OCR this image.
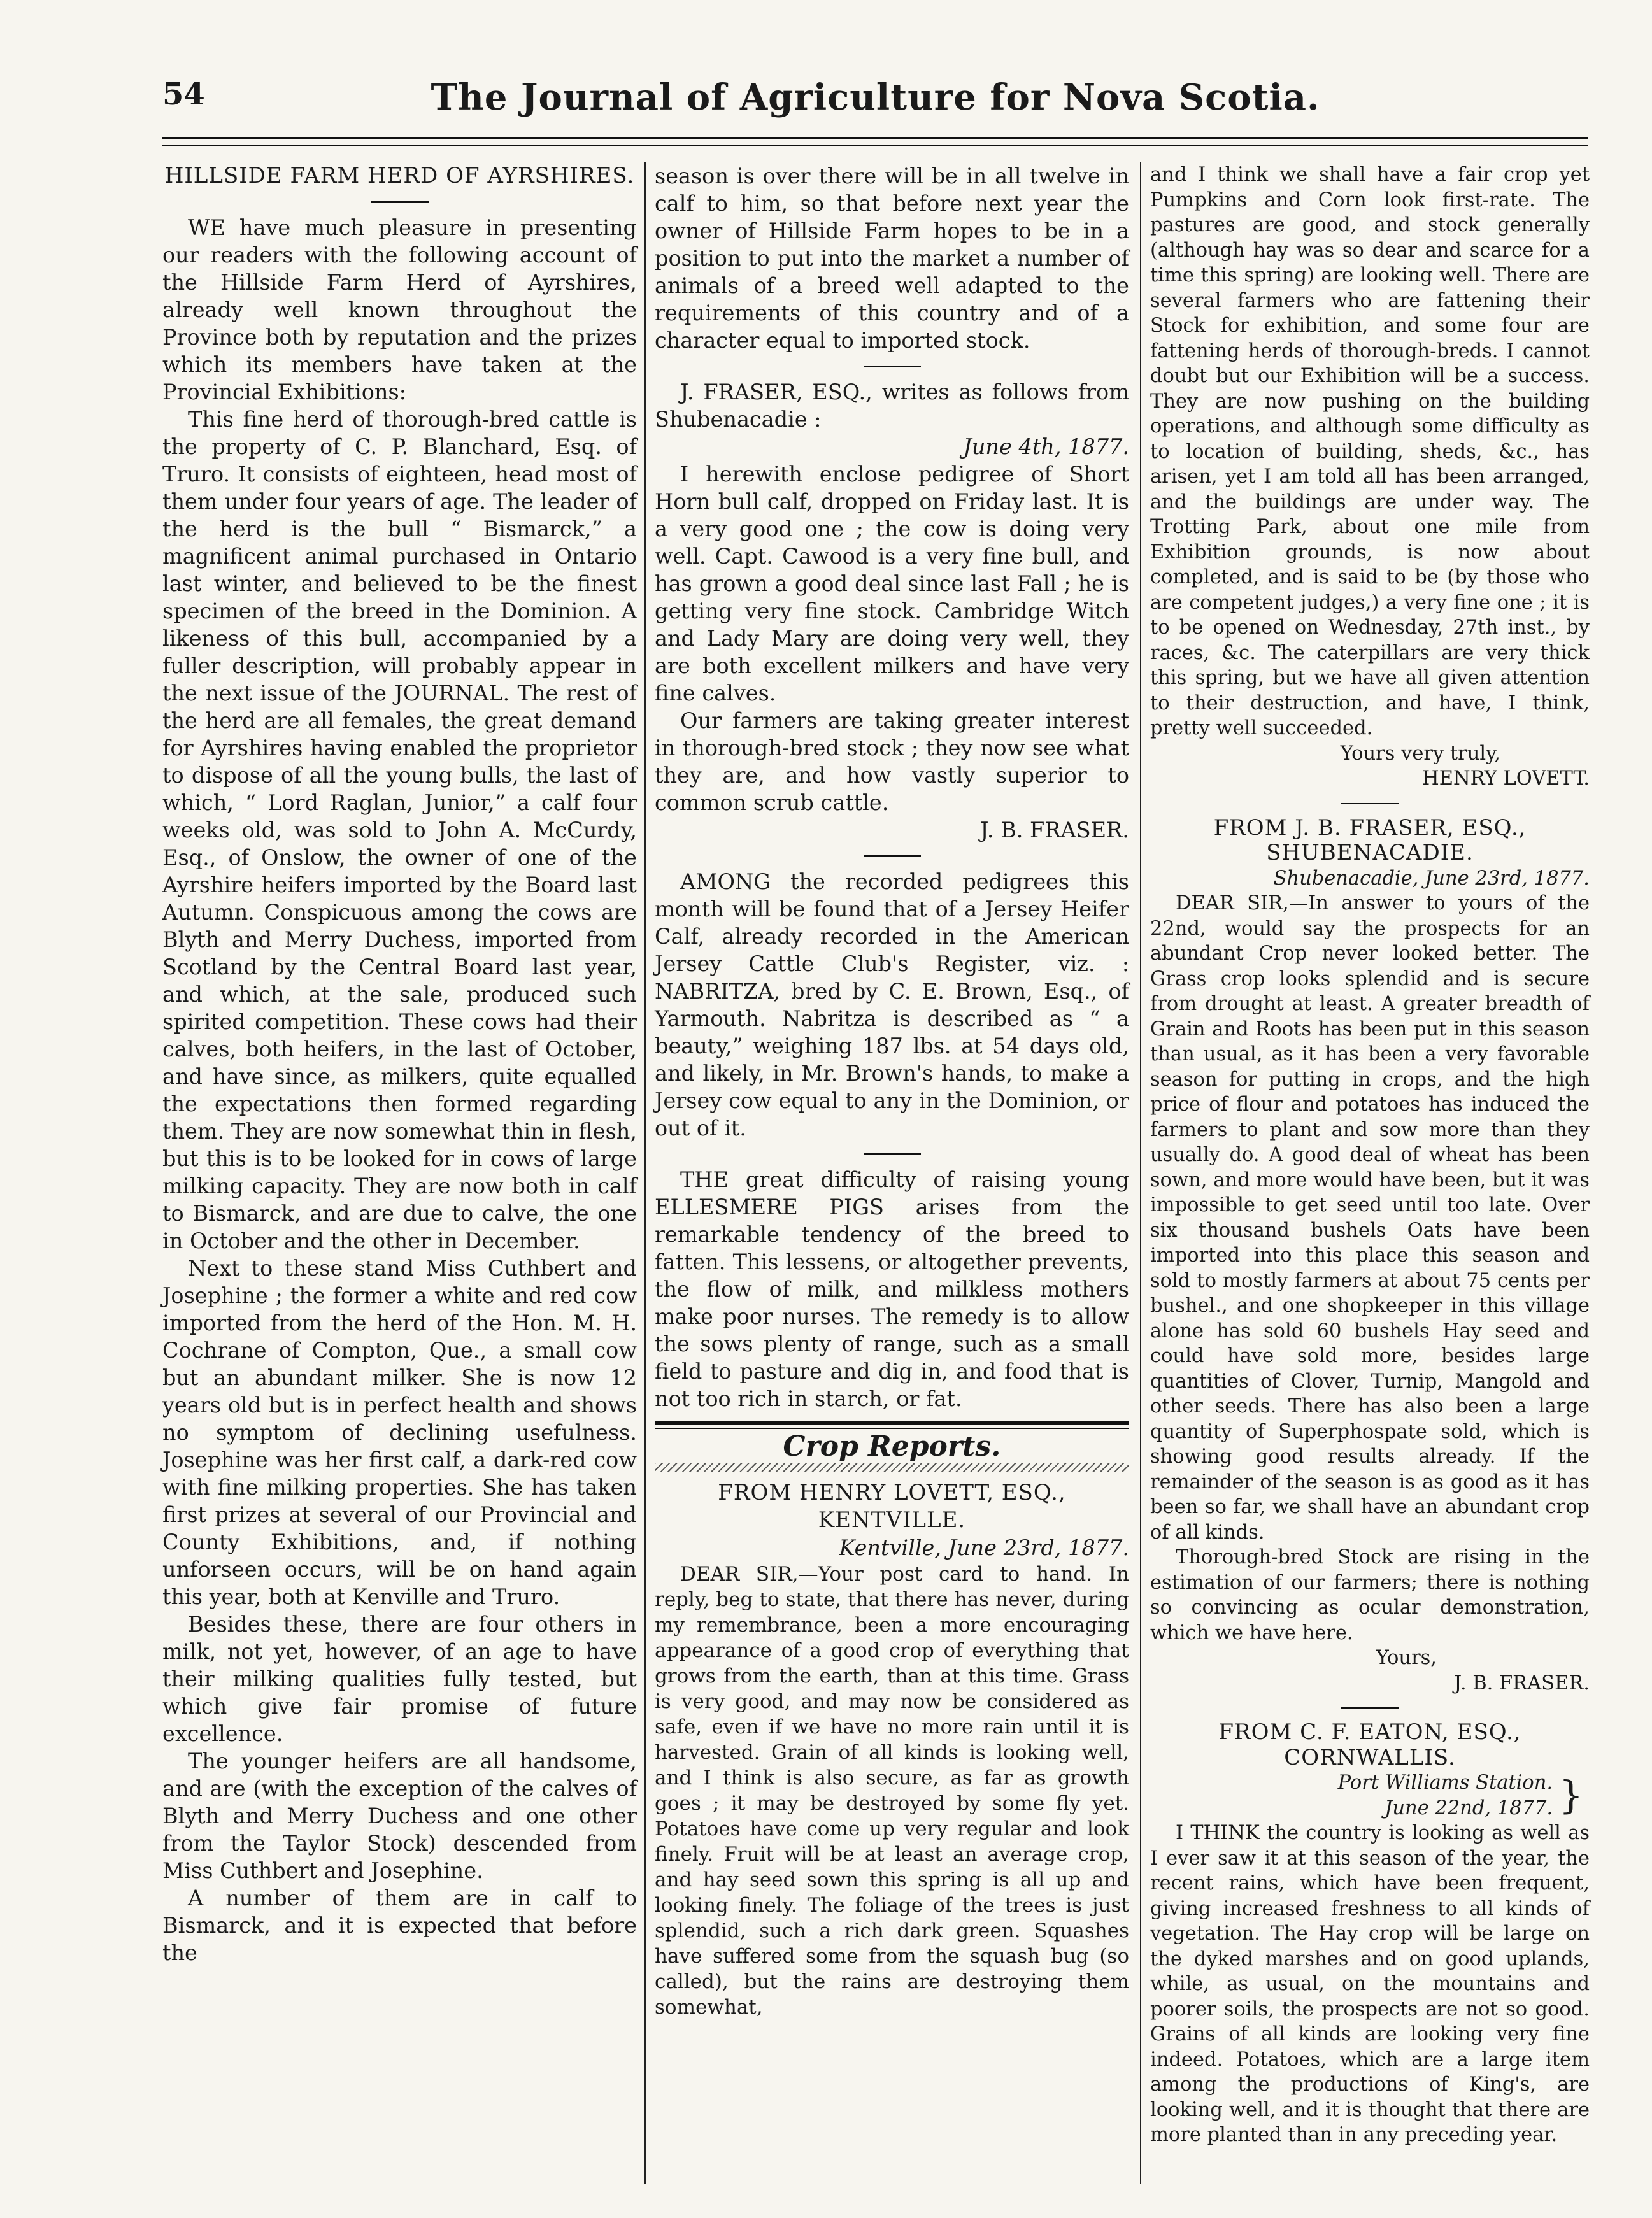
54	The Journal of Agriculture for Nova Scotia.

HILLSIDE FARM HERD OF AYRSHIRES.

WE have much pleasure in presenting our readers with the following account of the Hillside Farm Herd of Ayrshires, already well known throughout the Province both by reputation and the prizes which its members have taken at the Provincial Exhibitions:

This fine herd of thorough-bred cattle is the property of C. P. Blanchard, Esq. of Truro. It consists of eighteen, head most of them under four years of age. The leader of the herd is the bull “ Bismarck,” a magnificent animal purchased in Ontario last winter, and believed to be the finest specimen of the breed in the Dominion. A likeness of this bull, accompanied by a fuller description, will probably appear in the next issue of the JOURNAL. The rest of the herd are all females, the great demand for Ayrshires having enabled the proprietor to dispose of all the young bulls, the last of which, “ Lord Raglan, Junior,” a calf four weeks old, was sold to John A. McCurdy, Esq., of Onslow, the owner of one of the Ayrshire heifers imported by the Board last Autumn. Conspicuous among the cows are Blyth and Merry Duchess, imported from Scotland by the Central Board last year, and which, at the sale, produced such spirited competition. These cows had their calves, both heifers, in the last of October, and have since, as milkers, quite equalled the expectations then formed regarding them. They are now somewhat thin in flesh, but this is to be looked for in cows of large milking capacity. They are now both in calf to Bismarck, and are due to calve, the one in October and the other in December.

Next to these stand Miss Cuthbert and Josephine ; the former a white and red cow imported from the herd of the Hon. M. H. Cochrane of Compton, Que., a small cow but an abundant milker. She is now 12 years old but is in perfect health and shows no symptom of declining usefulness. Josephine was her first calf, a dark-red cow with fine milking properties. She has taken first prizes at several of our Provincial and County Exhibitions, and, if nothing unforseen occurs, will be on hand again this year, both at Kenville and Truro.

Besides these, there are four others in milk, not yet, however, of an age to have their milking qualities fully tested, but which give fair promise of future excellence.

The younger heifers are all handsome, and are (with the exception of the calves of Blyth and Merry Duchess and one other from the Taylor Stock) descended from Miss Cuthbert and Josephine.

A number of them are in calf to Bismarck, and it is expected that before the

season is over there will be in all twelve in calf to him, so that before next year the owner of Hillside Farm hopes to be in a position to put into the market a number of animals of a breed well adapted to the requirements of this country and of a character equal to imported stock.

J. FRASER, ESQ., writes as follows from Shubenacadie :

June 4th, 1877.

I herewith enclose pedigree of Short Horn bull calf, dropped on Friday last. It is a very good one ; the cow is doing very well. Capt. Cawood is a very fine bull, and has grown a good deal since last Fall ; he is getting very fine stock. Cambridge Witch and Lady Mary are doing very well, they are both excellent milkers and have very fine calves.

Our farmers are taking greater interest in thorough-bred stock ; they now see what they are, and how vastly superior to common scrub cattle.

J. B. FRASER.

AMONG the recorded pedigrees this month will be found that of a Jersey Heifer Calf, already recorded in the American Jersey Cattle Club's Register, viz. : NABRITZA, bred by C. E. Brown, Esq., of Yarmouth. Nabritza is described as “ a beauty,” weighing 187 lbs. at 54 days old, and likely, in Mr. Brown's hands, to make a Jersey cow equal to any in the Dominion, or out of it.

THE great difficulty of raising young ELLESMERE PIGS arises from the remarkable tendency of the breed to fatten. This lessens, or altogether prevents, the flow of milk, and milkless mothers make poor nurses. The remedy is to allow the sows plenty of range, such as a small field to pasture and dig in, and food that is not too rich in starch, or fat.

Crop Reports.

FROM HENRY LOVETT, ESQ.,

KENTVILLE.

Kentville, June 23rd, 1877.

DEAR SIR,—Your post card to hand. In reply, beg to state, that there has never, during my remembrance, been a more encouraging appearance of a good crop of everything that grows from the earth, than at this time. Grass is very good, and may now be considered as safe, even if we have no more rain until it is harvested. Grain of all kinds is looking well, and I think is also secure, as far as growth goes ; it may be destroyed by some fly yet. Potatoes have come up very regular and look finely. Fruit will be at least an average crop, and hay seed sown this spring is all up and looking finely. The foliage of the trees is just splendid, such a rich dark green. Squashes have suffered some from the squash bug (so called), but the rains are destroying them somewhat,

and I think we shall have a fair crop yet Pumpkins and Corn look first-rate. The pastures are good, and stock generally (although hay was so dear and scarce for a time this spring) are looking well. There are several farmers who are fattening their Stock for exhibition, and some four are fattening herds of thorough-breds. I cannot doubt but our Exhibition will be a success. They are now pushing on the building operations, and although some difficulty as to location of building, sheds, &c., has arisen, yet I am told all has been arranged, and the buildings are under way. The Trotting Park, about one mile from Exhibition grounds, is now about completed, and is said to be (by those who are competent judges,) a very fine one ; it is to be opened on Wednesday, 27th inst., by races, &c. The caterpillars are very thick this spring, but we have all given attention to their destruction, and have, I think, pretty well succeeded.

Yours very truly,

HENRY LOVETT.

FROM J. B. FRASER, ESQ.,

SHUBENACADIE.

Shubenacadie, June 23rd, 1877.

DEAR SIR,—In answer to yours of the 22nd, would say the prospects for an abundant Crop never looked better. The Grass crop looks splendid and is secure from drought at least. A greater breadth of Grain and Roots has been put in this season than usual, as it has been a very favorable season for putting in crops, and the high price of flour and potatoes has induced the farmers to plant and sow more than they usually do. A good deal of wheat has been sown, and more would have been, but it was impossible to get seed until too late. Over six thousand bushels Oats have been imported into this place this season and sold to mostly farmers at about 75 cents per bushel., and one shopkeeper in this village alone has sold 60 bushels Hay seed and could have sold more, besides large quantities of Clover, Turnip, Mangold and other seeds. There has also been a large quantity of Superphospate sold, which is showing good results already. If the remainder of the season is as good as it has been so far, we shall have an abundant crop of all kinds.

Thorough-bred Stock are rising in the estimation of our farmers; there is nothing so convincing as ocular demonstration, which we have here.

Yours,

J. B. FRASER.

FROM C. F. EATON, ESQ.,

CORNWALLIS.

Port Williams Station.
June 22nd, 1877. }

I THINK the country is looking as well as I ever saw it at this season of the year, the recent rains, which have been frequent, giving increased freshness to all kinds of vegetation. The Hay crop will be large on the dyked marshes and on good uplands, while, as usual, on the mountains and poorer soils, the prospects are not so good. Grains of all kinds are looking very fine indeed. Potatoes, which are a large item among the productions of King's, are looking well, and it is thought that there are more planted than in any preceding year.
